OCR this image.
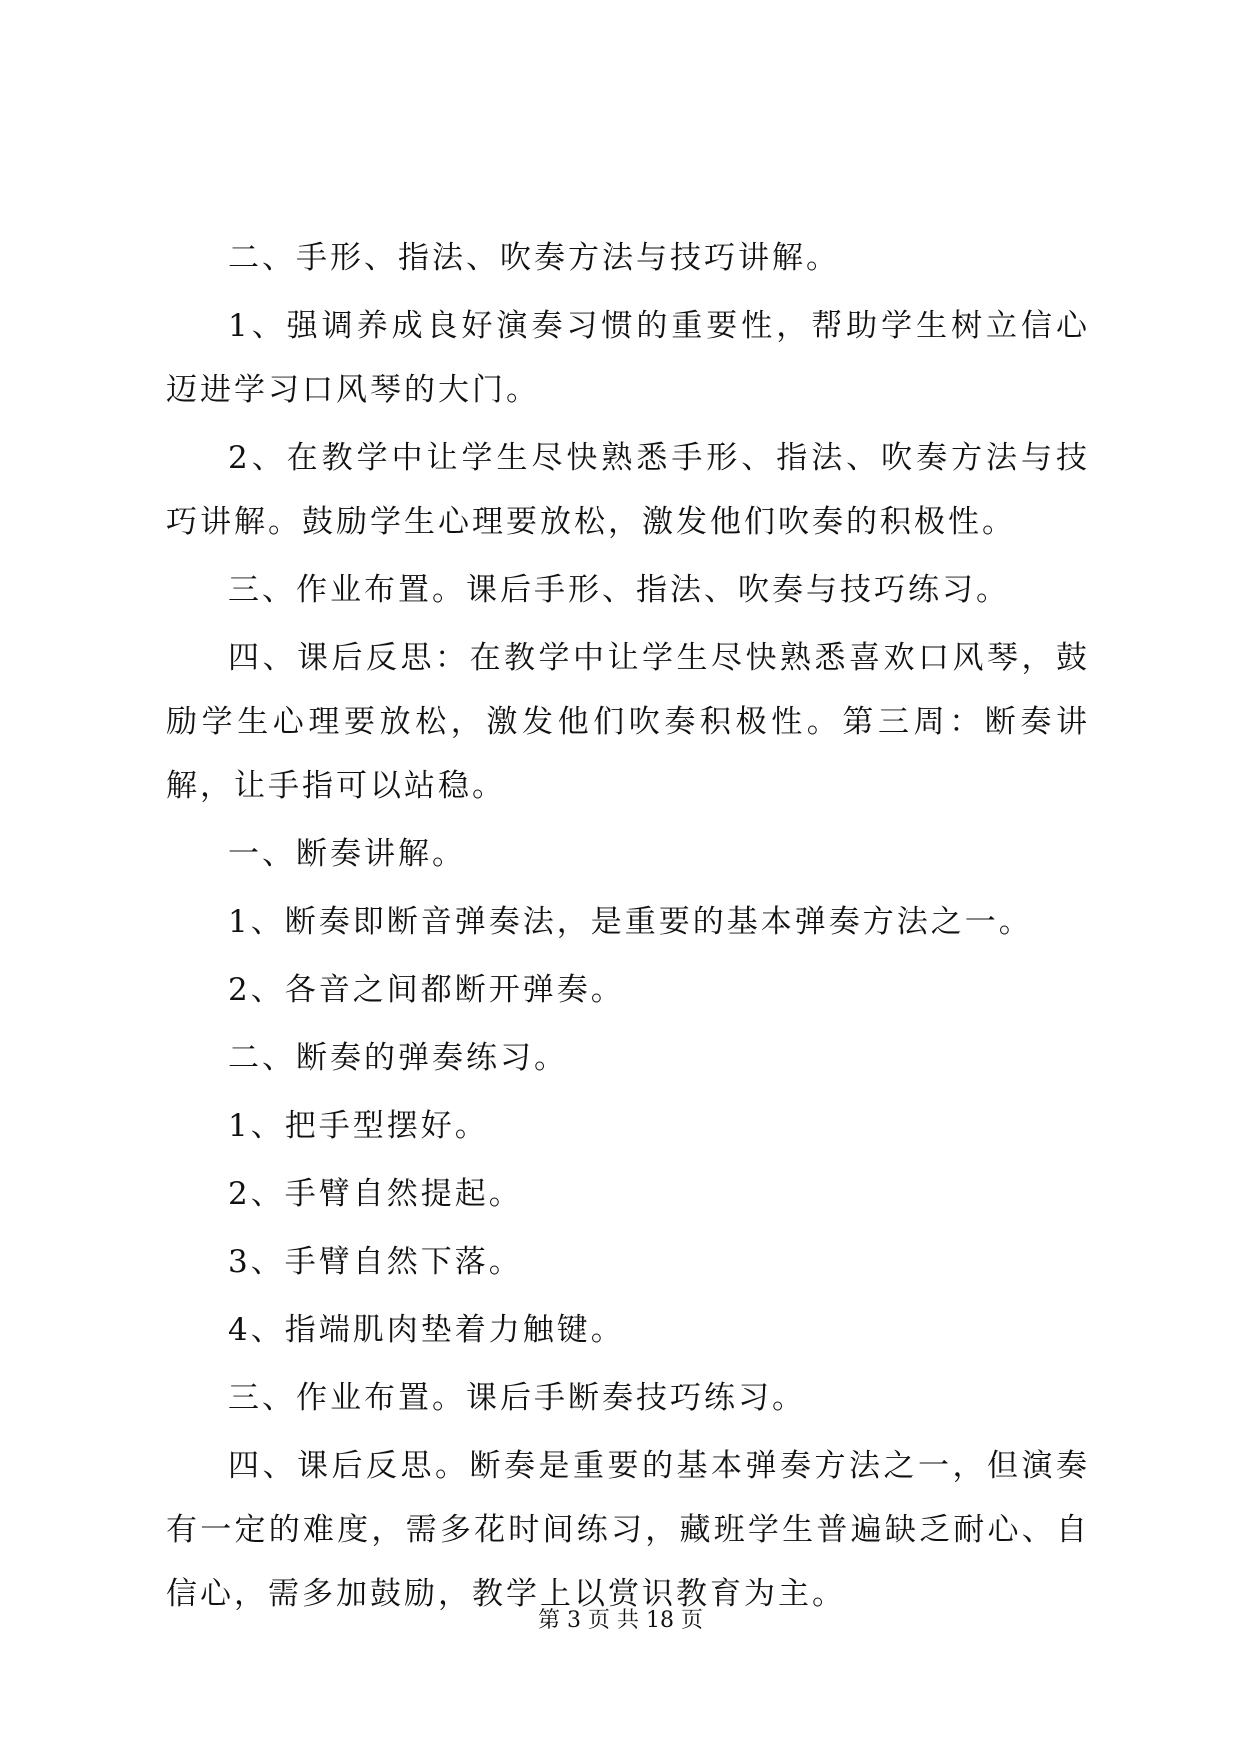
二、手形、指法、吹奏方法与技巧讲解。

1、强调养成良好演奏习惯的重要性，帮助学生树立信心迈进学习口风琴的大门。

2、在教学中让学生尽快熟悉手形、指法、吹奏方法与技巧讲解。鼓励学生心理要放松，激发他们吹奏的积极性。

三、作业布置。课后手形、指法、吹奏与技巧练习。

四、课后反思：在教学中让学生尽快熟悉喜欢口风琴，鼓励学生心理要放松，激发他们吹奏积极性。第三周：断奏讲解，让手指可以站稳。

一、断奏讲解。

1、断奏即断音弹奏法，是重要的基本弹奏方法之一。

2、各音之间都断开弹奏。

二、断奏的弹奏练习。

1、把手型摆好。

2、手臂自然提起。

3、手臂自然下落。

4、指端肌肉垫着力触键。

三、作业布置。课后手断奏技巧练习。

四、课后反思。断奏是重要的基本弹奏方法之一，但演奏有一定的难度，需多花时间练习，藏班学生普遍缺乏耐心、自信心，需多加鼓励，教学上以赏识教育为主。

第 3 页 共 18 页
